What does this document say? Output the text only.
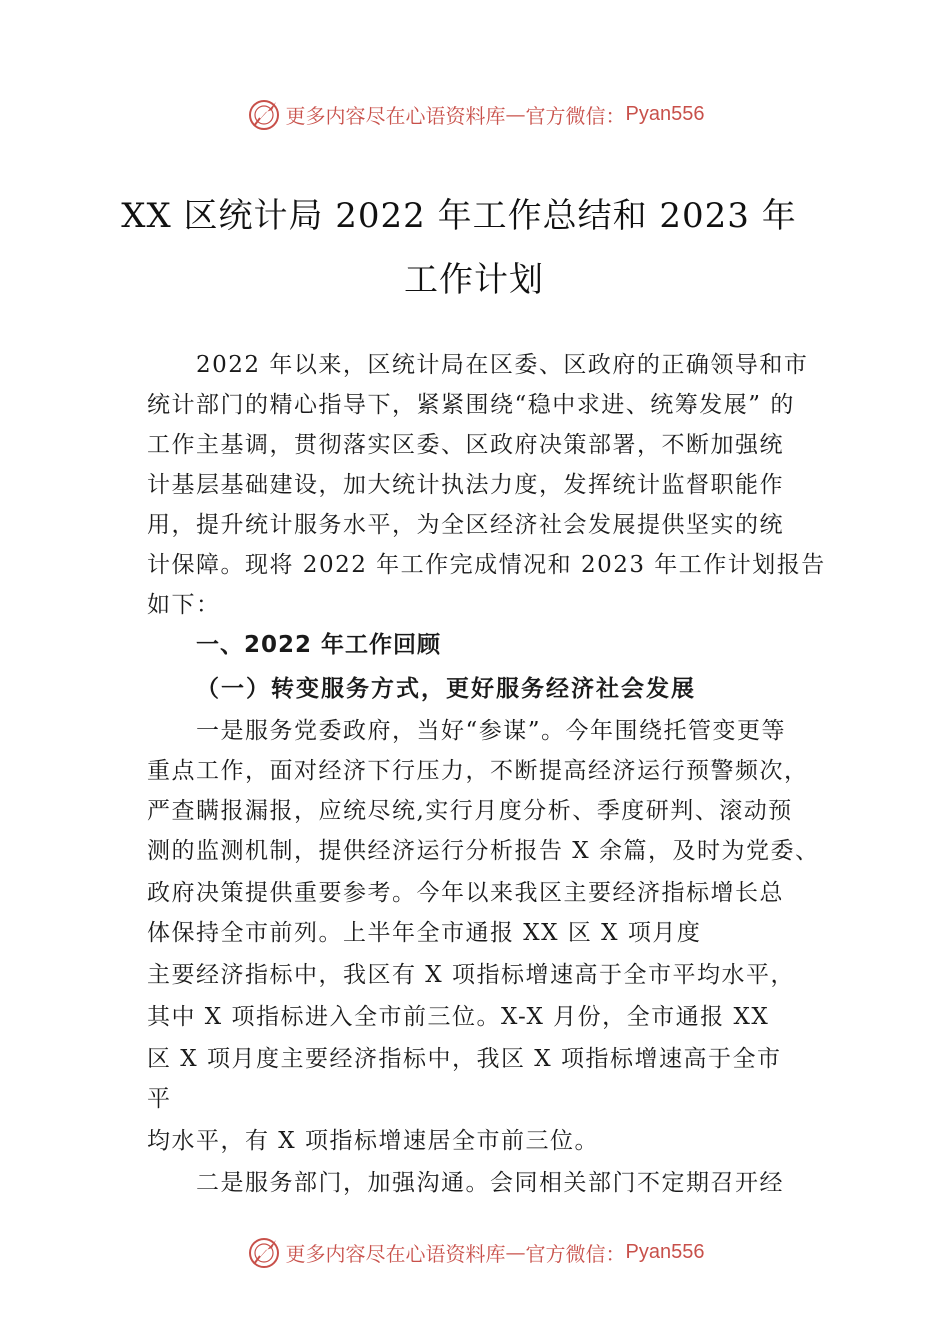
更多内容尽在心语资料库 — 官方微信： Pyan556
XX 区统计局 2022 年工作总结和 2023 年
工作计划
2022 年以来，区统计局在区委、区政府的正确领导和市
统计部门的精心指导下，紧紧围绕“稳中求进、统筹发展” 的
工作主基调，贯彻落实区委、区政府决策部署，不断加强统
计基层基础建设，加大统计执法力度，发挥统计监督职能作
用，提升统计服务水平，为全区经济社会发展提供坚实的统
计保障。现将 2022 年工作完成情况和 2023 年工作计划报告
如下：
一、2022 年工作回顾
（一）转变服务方式，更好服务经济社会发展
一是服务党委政府，当好“参谋”。今年围绕托管变更等
重点工作，面对经济下行压力，不断提高经济运行预警频次，
严查瞒报漏报，应统尽统,实行月度分析、季度研判、滚动预
测的监测机制，提供经济运行分析报告 X 余篇，及时为党委、
政府决策提供重要参考。今年以来我区主要经济指标增长总
体保持全市前列。上半年全市通报 XX 区 X 项月度
主要经济指标中，我区有 X 项指标增速高于全市平均水平，
其中 X 项指标进入全市前三位。X-X 月份，全市通报 XX
区 X 项月度主要经济指标中，我区 X 项指标增速高于全市
平
均水平，有 X 项指标增速居全市前三位。
二是服务部门，加强沟通。会同相关部门不定期召开经
更多内容尽在心语资料库 — 官方微信： Pyan556
